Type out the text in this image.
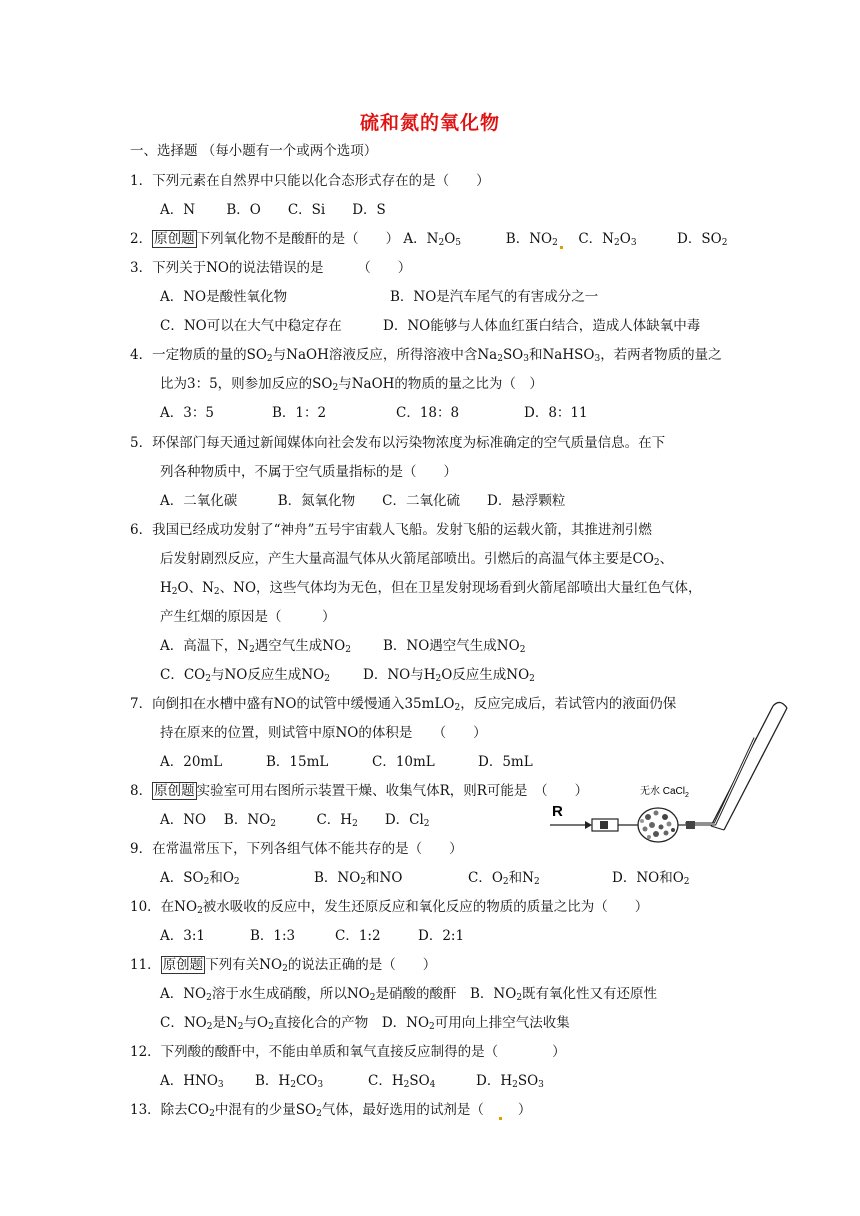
硫和氮的氧化物
一、选择题 （每小题有一个或两个选项）
1．下列元素在自然界中只能以化合态形式存在的是（　　）
A．N　　 B．O　　C．Si　　D．S
2． 原创题 下列氧化物不是酸酐的是（　　） A．$N_2O_5$　　　	B．$NO_2$　 C．$N_2O_3$　　　	D．$SO_2$
3．下列关于NO的说法错误的是　　　（　　）
A．NO是酸性氧化物	B．NO是汽车尾气的有害成分之一
C．NO可以在大气中稳定存在	D．NO能够与人体血红蛋白结合，造成人体缺氧中毒
4．一定物质的量的$SO_2$与NaOH溶液反应，所得溶液中含$Na_2SO_3$和NaHSO$_3$，若两者物质的量之
比为3：5，则参加反应的$SO_2$与NaOH的物质的量之比为（　）
A．3：5	B．1：2	C．18：8	D．8：11
5．环保部门每天通过新闻媒体向社会发布以污染物浓度为标准确定的空气质量信息。在下
列各种物质中，不属于空气质量指标的是（　　）
A．二氧化碳　　　B．氮氧化物　　C．二氧化硫　　D．悬浮颗粒
6．我国已经成功发射了“神舟”五号宇宙载人飞船。发射飞船的运载火箭，其推进剂引燃
后发射剧烈反应，产生大量高温气体从火箭尾部喷出。引燃后的高温气体主要是$CO_2$、
$H_2O$、$N_2$、NO，这些气体均为无色，但在卫星发射现场看到火箭尾部喷出大量红色气体，
产生红烟的原因是（　　　）
A．高温下，$N_2$遇空气生成$NO_2$ B．NO遇空气生成$NO_2$
C．$CO_2$与NO反应生成$NO_2$ D．NO与$H_2O$反应生成$NO_2$
7．向倒扣在水槽中盛有NO的试管中缓慢通入35mLO$_2$，反应完成后，若试管内的液面仍保
持在原来的位置，则试管中原NO的体积是　　（　　）
A．20mL	B．15mL	C．10mL	D．5mL
8． 原创题 实验室可用右图所示装置干燥、收集气体R，则R可能是　（　　）
A．NO　 B．$NO_2$　　　	C．$H_2$　　 D．$Cl_2$
9．在常温常压下，下列各组气体不能共存的是（　　）
A．$SO_2$和$O_2$	B．$NO_2$和NO	C．$O_2$和$N_2$	D．NO和$O_2$
10．在$NO_2$被水吸收的反应中，发生还原反应和氧化反应的物质的质量之比为（　　）
A．3:1	B．1:3	C．1:2	D．2:1
11． 原创题 下列有关$NO_2$的说法正确的是（　　）
A．$NO_2$溶于水生成硝酸，所以$NO_2$是硝酸的酸酐　 B．$NO_2$既有氧化性又有还原性
C．$NO_2$是$N_2$与$O_2$直接化合的产物　 D．$NO_2$可用向上排空气法收集
12．下列酸的酸酐中，不能由单质和氧气直接反应制得的是（　　　　）
A．$HNO_3$ B．$H_2CO_3$	C．$H_2SO_4$	D．$H_2SO_3$
13．除去$CO_2$中混有的少量$SO_2$气体，最好选用的试剂是（　　）
R
无水 CaCl$_2$
